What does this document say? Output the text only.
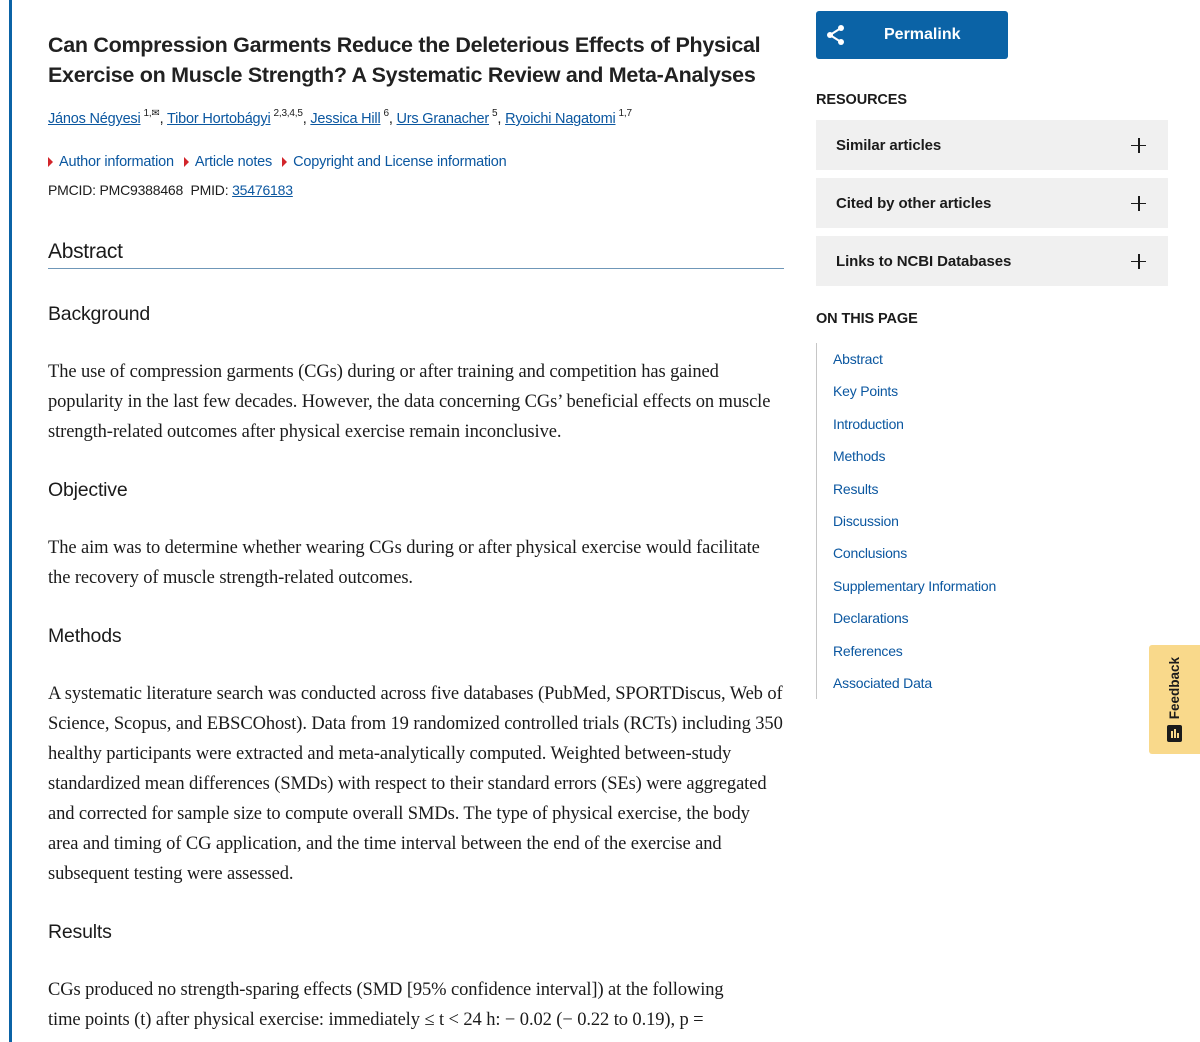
Can Compression Garments Reduce the Deleterious Effects of Physical Exercise on Muscle Strength? A Systematic Review and Meta-Analyses
János Négyesi $^{1,✉}$, Tibor Hortobágyi $^{2,3,4,5}$, Jessica Hill $^6$, Urs Granacher $^5$, Ryoichi Nagatomi $^{1,7}$
Author information Article notes Copyright and License information
PMCID: PMC9388468 PMID: 35476183
Abstract
Background

The use of compression garments (CGs) during or after training and competition has gained popularity in the last few decades. However, the data concerning CGs’ beneficial effects on muscle strength-related outcomes after physical exercise remain inconclusive.

Objective

The aim was to determine whether wearing CGs during or after physical exercise would facilitate the recovery of muscle strength-related outcomes.

Methods

A systematic literature search was conducted across five databases (PubMed, SPORTDiscus, Web of Science, Scopus, and EBSCOhost). Data from 19 randomized controlled trials (RCTs) including 350 healthy participants were extracted and meta-analytically computed. Weighted between-study standardized mean differences (SMDs) with respect to their standard errors (SEs) were aggregated and corrected for sample size to compute overall SMDs. The type of physical exercise, the body area and timing of CG application, and the time interval between the end of the exercise and subsequent testing were assessed.

Results

CGs produced no strength-sparing effects (SMD [95% confidence interval]) at the following
time points (t) after physical exercise: immediately ≤ t < 24 h: − 0.02 (− 0.22 to 0.19), p =

Permalink
RESOURCES
Similar articles
Cited by other articles
Links to NCBI Databases
ON THIS PAGE
Abstract
Key Points
Introduction
Methods
Results
Discussion
Conclusions
Supplementary Information
Declarations
References
Associated Data	Feedback
